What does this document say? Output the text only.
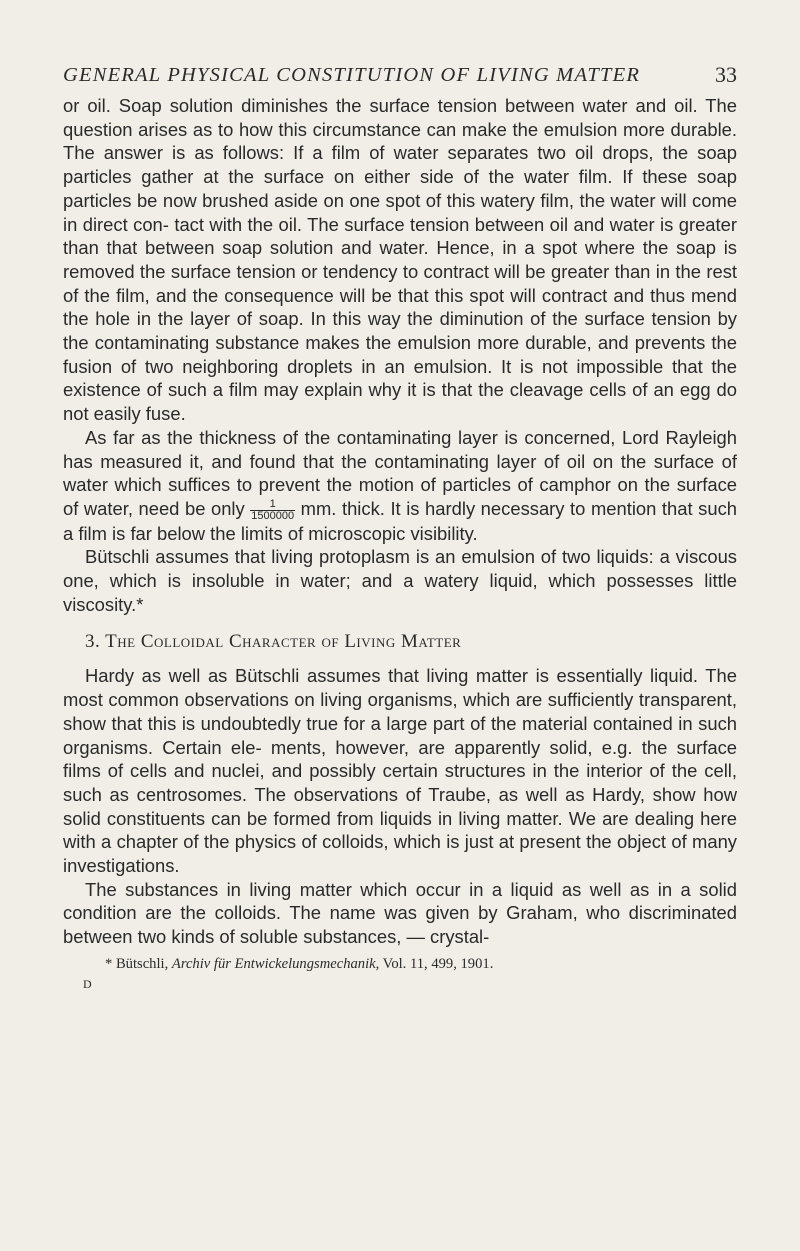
GENERAL PHYSICAL CONSTITUTION OF LIVING MATTER	33

or oil. Soap solution diminishes the surface tension between water and oil. The question arises as to how this circumstance can make the emulsion more durable. The answer is as follows: If a film of water separates two oil drops, the soap particles gather at the surface on either side of the water film. If these soap particles be now brushed aside on one spot of this watery film, the water will come in direct con- tact with the oil. The surface tension between oil and water is greater than that between soap solution and water. Hence, in a spot where the soap is removed the surface tension or tendency to contract will be greater than in the rest of the film, and the consequence will be that this spot will contract and thus mend the hole in the layer of soap. In this way the diminution of the surface tension by the contaminating substance makes the emulsion more durable, and prevents the fusion of two neighboring droplets in an emulsion. It is not impossible that the existence of such a film may explain why it is that the cleavage cells of an egg do not easily fuse.

As far as the thickness of the contaminating layer is concerned, Lord Rayleigh has measured it, and found that the contaminating layer of oil on the surface of water which suffices to prevent the motion of particles of camphor on the surface of water, need be only $\frac{1}{1500000}$ mm. thick. It is hardly necessary to mention that such a film is far below the limits of microscopic visibility.

Bütschli assumes that living protoplasm is an emulsion of two liquids: a viscous one, which is insoluble in water; and a watery liquid, which possesses little viscosity.*

3. The Colloidal Character of Living Matter

Hardy as well as Bütschli assumes that living matter is essentially liquid. The most common observations on living organisms, which are sufficiently transparent, show that this is undoubtedly true for a large part of the material contained in such organisms. Certain ele- ments, however, are apparently solid, e.g. the surface films of cells and nuclei, and possibly certain structures in the interior of the cell, such as centrosomes. The observations of Traube, as well as Hardy, show how solid constituents can be formed from liquids in living matter. We are dealing here with a chapter of the physics of colloids, which is just at present the object of many investigations.

The substances in living matter which occur in a liquid as well as in a solid condition are the colloids. The name was given by Graham, who discriminated between two kinds of soluble substances, — crystal-

* Bütschli, Archiv für Entwickelungsmechanik, Vol. 11, 499, 1901.
D
